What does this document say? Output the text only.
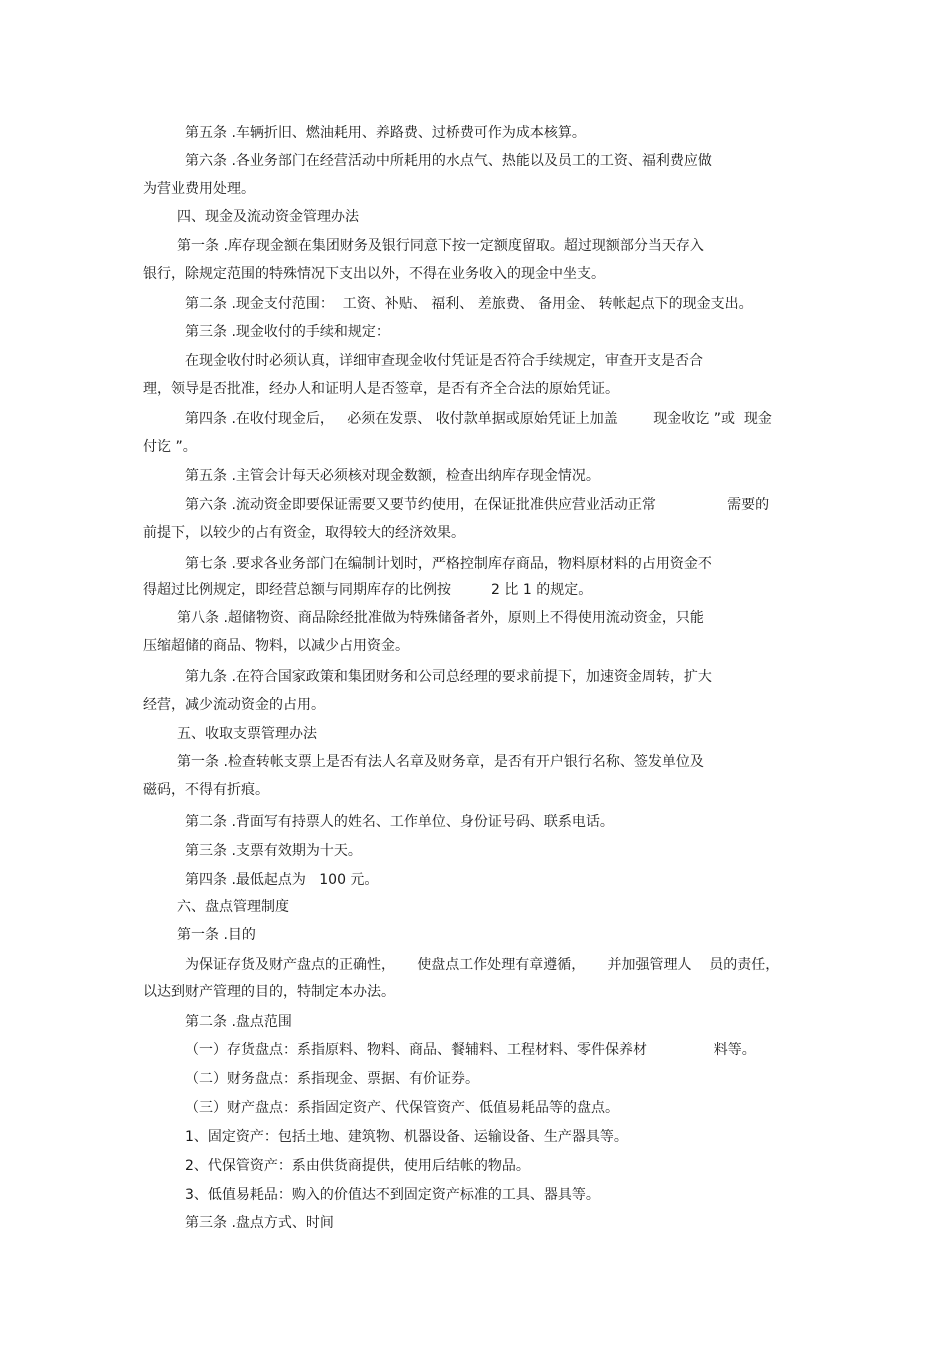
第五条 .车辆折旧、燃油耗用、养路费、过桥费可作为成本核算。
第六条 .各业务部门在经营活动中所耗用的水点气、热能以及员工的工资、福利费应做
为营业费用处理。
四、现金及流动资金管理办法
第一条 .库存现金额在集团财务及银行同意下按一定额度留取。超过现额部分当天存入
银行，除规定范围的特殊情况下支出以外，不得在业务收入的现金中坐支。
第二条 .现金支付范围：  工资、补贴、 福利、 差旅费、 备用金、 转帐起点下的现金支出。
第三条 .现金收付的手续和规定：
在现金收付时必须认真，详细审查现金收付凭证是否符合手续规定，审查开支是否合
理，领导是否批准，经办人和证明人是否签章，是否有齐全合法的原始凭证。
第四条 .在收付现金后，   必须在发票、 收付款单据或原始凭证上加盖        现金收讫 ”或  现金
付讫 ”。
第五条 .主管会计每天必须核对现金数额，检查出纳库存现金情况。
第六条 .流动资金即要保证需要又要节约使用，在保证批准供应营业活动正常                需要的
前提下，以较少的占有资金，取得较大的经济效果。
第七条 .要求各业务部门在编制计划时，严格控制库存商品，物料原材料的占用资金不
得超过比例规定，即经营总额与同期库存的比例按         2 比 1 的规定。
第八条 .超储物资、商品除经批准做为特殊储备者外，原则上不得使用流动资金，只能
压缩超储的商品、物料，以减少占用资金。
第九条 .在符合国家政策和集团财务和公司总经理的要求前提下，加速资金周转，扩大
经营，减少流动资金的占用。
五、收取支票管理办法
第一条 .检查转帐支票上是否有法人名章及财务章，是否有开户银行名称、签发单位及
磁码，不得有折痕。
第二条 .背面写有持票人的姓名、工作单位、身份证号码、联系电话。
第三条 .支票有效期为十天。
第四条 .最低起点为   100 元。
六、盘点管理制度
第一条 .目的
为保证存货及财产盘点的正确性，     使盘点工作处理有章遵循，     并加强管理人    员的责任，
以达到财产管理的目的，特制定本办法。
第二条 .盘点范围
（一）存货盘点：系指原料、物料、商品、餐辅料、工程材料、零件保养材               料等。
（二）财务盘点：系指现金、票据、有价证券。
（三）财产盘点：系指固定资产、代保管资产、低值易耗品等的盘点。
1、固定资产：包括土地、建筑物、机器设备、运输设备、生产器具等。
2、代保管资产：系由供货商提供，使用后结帐的物品。
3、低值易耗品：购入的价值达不到固定资产标准的工具、器具等。
第三条 .盘点方式、时间
